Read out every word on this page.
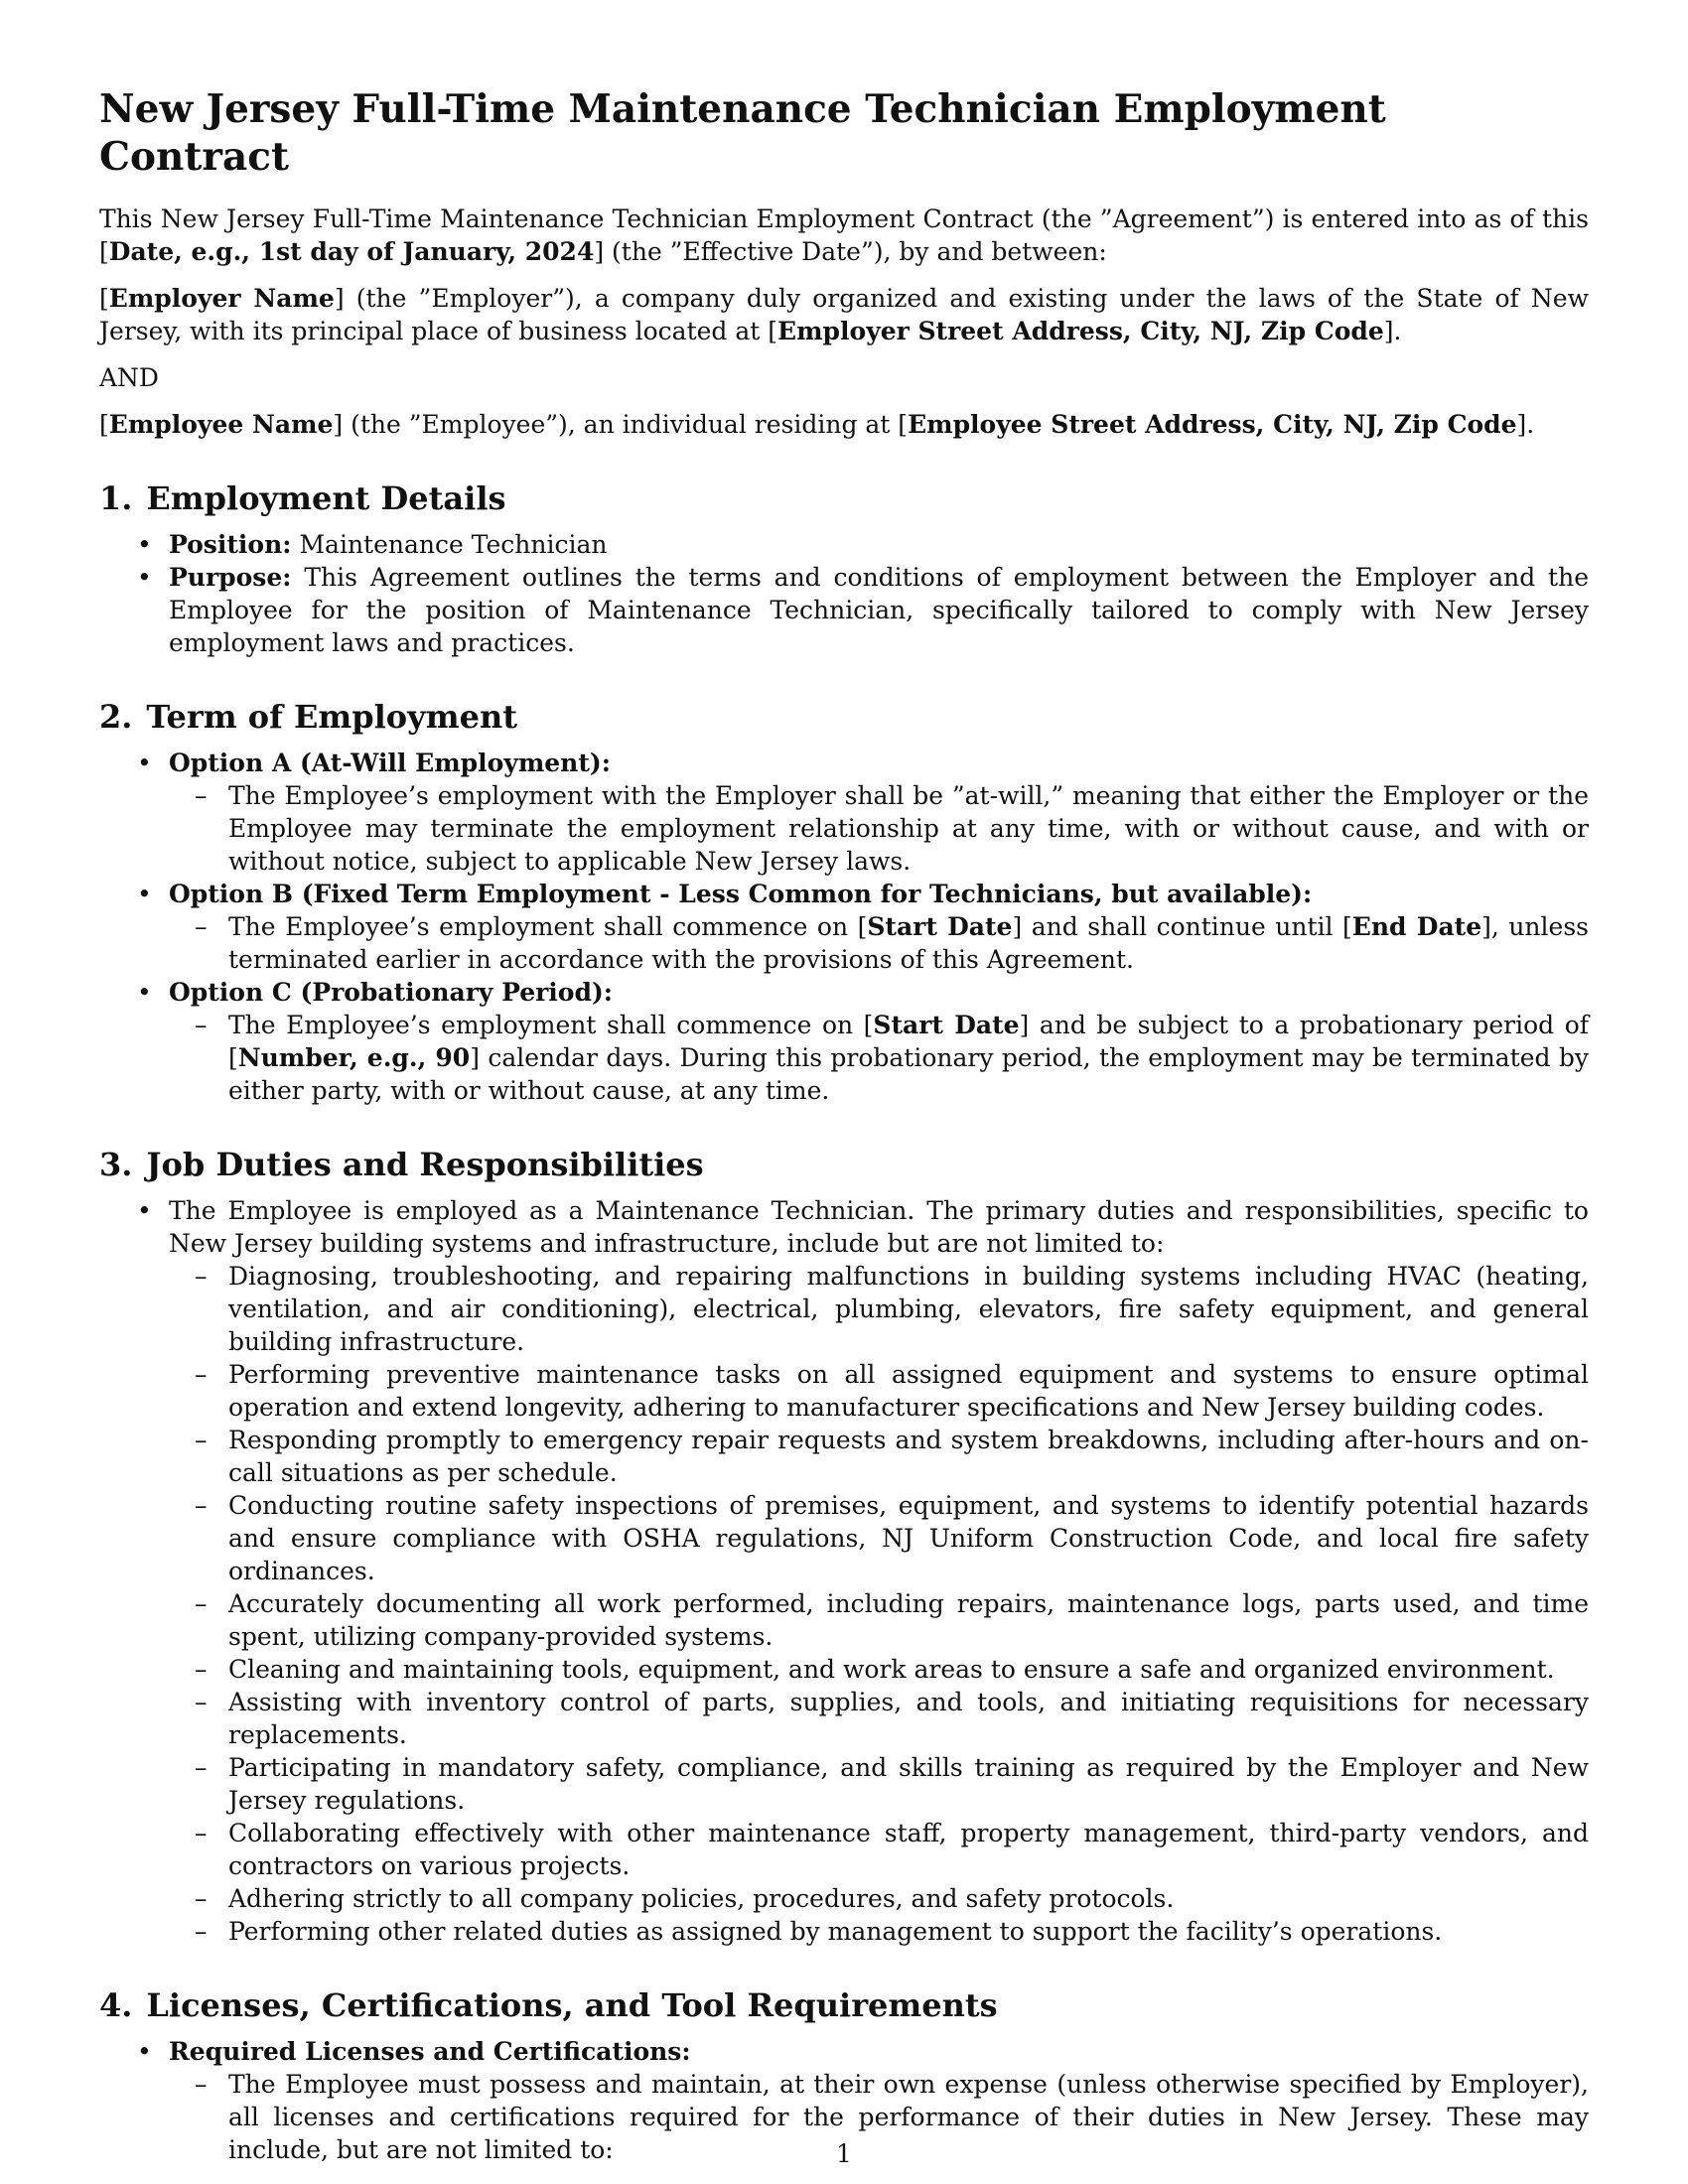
New Jersey Full-Time Maintenance Technician Employment Contract

This New Jersey Full-Time Maintenance Technician Employment Contract (the ”Agreement”) is entered into as of this [Date, e.g., 1st day of January, 2024] (the ”Effective Date”), by and between:

[Employer Name] (the ”Employer”), a company duly organized and existing under the laws of the State of New Jersey, with its principal place of business located at [Employer Street Address, City, NJ, Zip Code].

AND

[Employee Name] (the ”Employee”), an individual residing at [Employee Street Address, City, NJ, Zip Code].

1. Employment Details
• Position: Maintenance Technician
• Purpose: This Agreement outlines the terms and conditions of employment between the Employer and the Employee for the position of Maintenance Technician, specifically tailored to comply with New Jersey employment laws and practices.
2. Term of Employment
• Option A (At-Will Employment):
– The Employee’s employment with the Employer shall be ”at-will,” meaning that either the Employer or the Employee may terminate the employment relationship at any time, with or without cause, and with or without notice, subject to applicable New Jersey laws.
• Option B (Fixed Term Employment - Less Common for Technicians, but available):
– The Employee’s employment shall commence on [Start Date] and shall continue until [End Date], unless terminated earlier in accordance with the provisions of this Agreement.
• Option C (Probationary Period):
– The Employee’s employment shall commence on [Start Date] and be subject to a probationary period of [Number, e.g., 90] calendar days. During this probationary period, the employment may be terminated by either party, with or without cause, at any time.
3. Job Duties and Responsibilities
• The Employee is employed as a Maintenance Technician. The primary duties and responsibilities, specific to New Jersey building systems and infrastructure, include but are not limited to:
– Diagnosing, troubleshooting, and repairing malfunctions in building systems including HVAC (heating, ventilation, and air conditioning), electrical, plumbing, elevators, fire safety equipment, and general building infrastructure.
– Performing preventive maintenance tasks on all assigned equipment and systems to ensure optimal operation and extend longevity, adhering to manufacturer specifications and New Jersey building codes.
– Responding promptly to emergency repair requests and system breakdowns, including after-hours and on-call situations as per schedule.
– Conducting routine safety inspections of premises, equipment, and systems to identify potential hazards and ensure compliance with OSHA regulations, NJ Uniform Construction Code, and local fire safety ordinances.
– Accurately documenting all work performed, including repairs, maintenance logs, parts used, and time spent, utilizing company-provided systems.
– Cleaning and maintaining tools, equipment, and work areas to ensure a safe and organized environment.
– Assisting with inventory control of parts, supplies, and tools, and initiating requisitions for necessary replacements.
– Participating in mandatory safety, compliance, and skills training as required by the Employer and New Jersey regulations.
– Collaborating effectively with other maintenance staff, property management, third-party vendors, and contractors on various projects.
– Adhering strictly to all company policies, procedures, and safety protocols.
– Performing other related duties as assigned by management to support the facility’s operations.
4. Licenses, Certifications, and Tool Requirements
• Required Licenses and Certifications:
– The Employee must possess and maintain, at their own expense (unless otherwise specified by Employer), all licenses and certifications required for the performance of their duties in New Jersey. These may include, but are not limited to:	1
